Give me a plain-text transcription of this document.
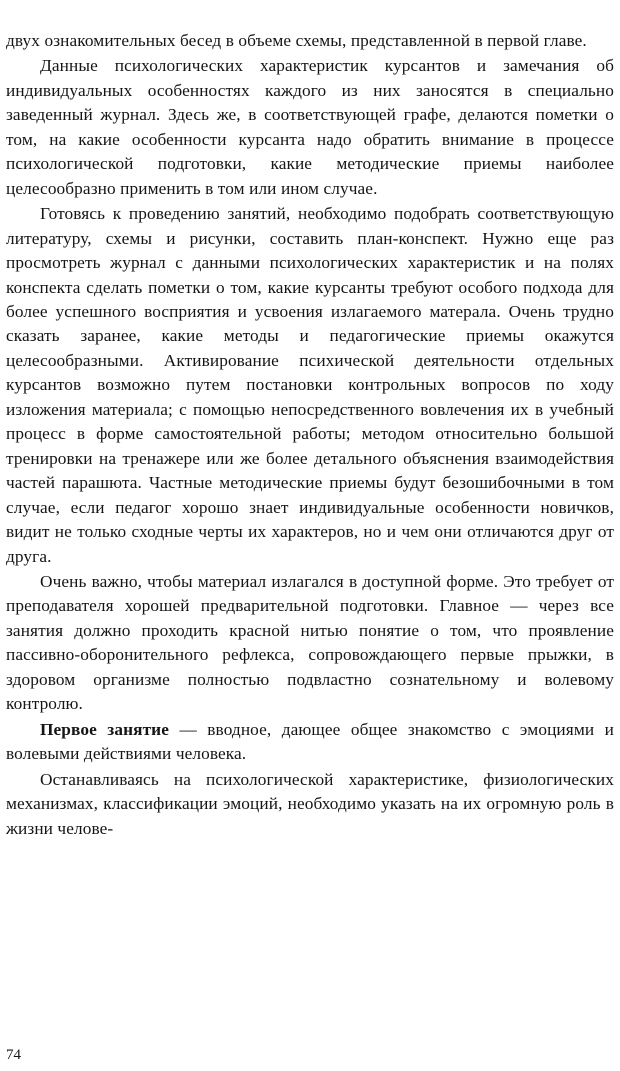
двух ознакомительных бесед в объеме схемы, представленной в первой главе.

Данные психологических характеристик курсантов и замечания об индивидуальных особенностях каждого из них заносятся в специально заведенный журнал. Здесь же, в соответствующей графе, делаются пометки о том, на какие особенности курсанта надо обратить внимание в процессе психологической подготовки, какие методические приемы наиболее целесообразно применить в том или ином случае.

Готовясь к проведению занятий, необходимо подобрать соответствующую литературу, схемы и рисунки, составить план-конспект. Нужно еще раз просмотреть журнал с данными психологических характеристик и на полях конспекта сделать пометки о том, какие курсанты требуют особого подхода для более успешного восприятия и усвоения излагаемого матерала. Очень трудно сказать заранее, какие методы и педагогические приемы окажутся целесообразными. Активирование психической деятельности отдельных курсантов возможно путем постановки контрольных вопросов по ходу изложения материала; с помощью непосредственного вовлечения их в учебный процесс в форме самостоятельной работы; методом относительно большой тренировки на тренажере или же более детального объяснения взаимодействия частей парашюта. Частные методические приемы будут безошибочными в том случае, если педагог хорошо знает индивидуальные особенности новичков, видит не только сходные черты их характеров, но и чем они отличаются друг от друга.

Очень важно, чтобы материал излагался в доступной форме. Это требует от преподавателя хорошей предварительной подготовки. Главное — через все занятия должно проходить красной нитью понятие о том, что проявление пассивно-оборонительного рефлекса, сопровождающего первые прыжки, в здоровом организме полностью подвластно сознательному и волевому контролю.

Первое занятие — вводное, дающее общее знакомство с эмоциями и волевыми действиями человека.

Останавливаясь на психологической характеристике, физиологических механизмах, классификации эмоций, необходимо указать на их огромную роль в жизни челове-

74
